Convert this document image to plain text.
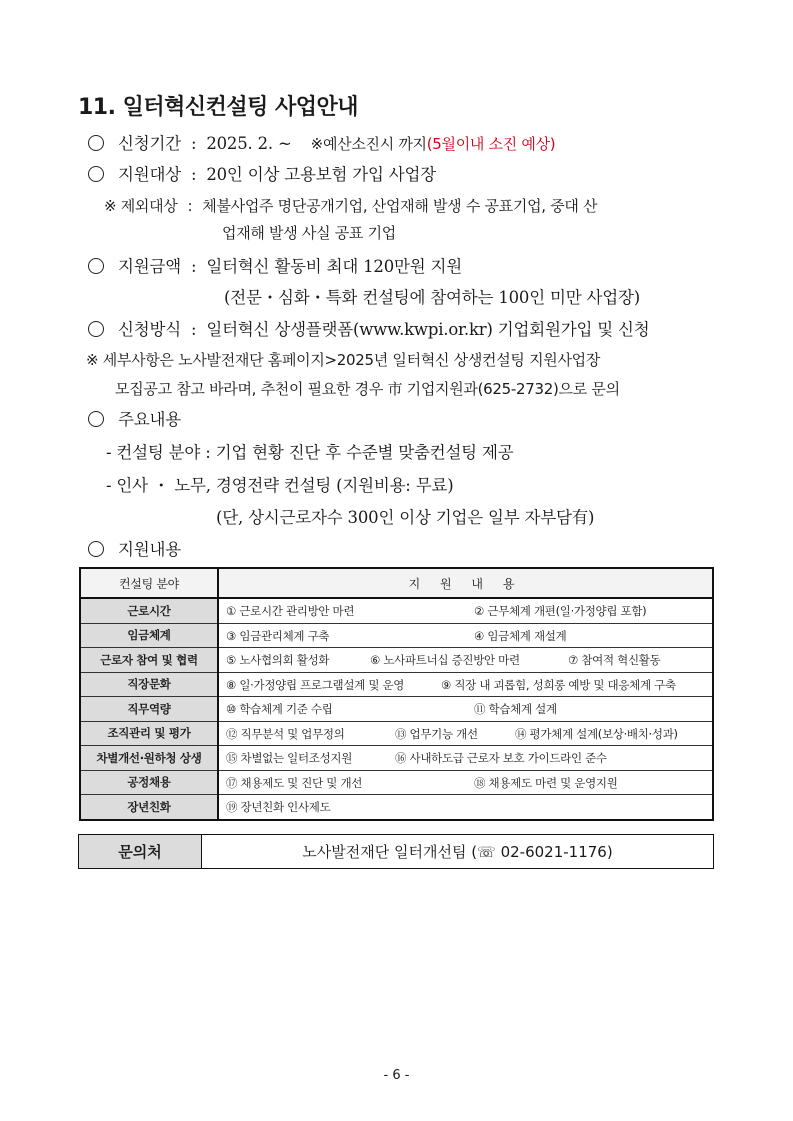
11. 일터혁신컨설팅 사업안내
신청기간 : 2025. 2. ~ ※예산소진시 까지(5월이내 소진 예상)
지원대상 : 20인 이상 고용보험 가입 사업장
※ 제외대상 : 체불사업주 명단공개기업, 산업재해 발생 수 공표기업, 중대 산
업재해 발생 사실 공표 기업
지원금액 : 일터혁신 활동비 최대 120만원 지원
(전문・심화・특화 컨설팅에 참여하는 100인 미만 사업장)
신청방식 : 일터혁신 상생플랫폼(www.kwpi.or.kr) 기업회원가입 및 신청
※ 세부사항은 노사발전재단 홈페이지>2025년 일터혁신 상생컨설팅 지원사업장
모집공고 참고 바라며, 추천이 필요한 경우 市 기업지원과(625-2732)으로 문의
주요내용
- 컨설팅 분야 : 기업 현황 진단 후 수준별 맞춤컨설팅 제공
- 인사 ・ 노무, 경영전략 컨설팅 (지원비용: 무료)
(단, 상시근로자수 300인 이상 기업은 일부 자부담有)
지원내용
컨설팅 분야	지 원 내 용
근로시간	① 근로시간 관리방안 마련 ② 근무체계 개편(일·가정양립 포함)

임금체계	③ 임금관리체계 구축 ④ 임금체계 재설계

근로자 참여 및 협력	⑤ 노사협의회 활성화 ⑥ 노사파트너십 증진방안 마련 ⑦ 참여적 혁신활동

직장문화	⑧ 일·가정양립 프로그램설계 및 운영 ⑨ 직장 내 괴롭힘, 성희롱 예방 및 대응체계 구축

직무역량	⑩ 학습체계 기준 수립 ⑪ 학습체계 설계

조직관리 및 평가	⑫ 직무분석 및 업무정의 ⑬ 업무기능 개선 ⑭ 평가체계 설계(보상·배치·성과)

차별개선·원하청 상생	⑮ 차별없는 일터조성지원 ⑯ 사내하도급 근로자 보호 가이드라인 준수

공정채용	⑰ 채용제도 및 진단 및 개선 ⑱ 채용제도 마련 및 운영지원

장년친화	⑲ 장년친화 인사제도
문의처	노사발전재단 일터개선팀 (☏ 02-6021-1176)
- 6 -
